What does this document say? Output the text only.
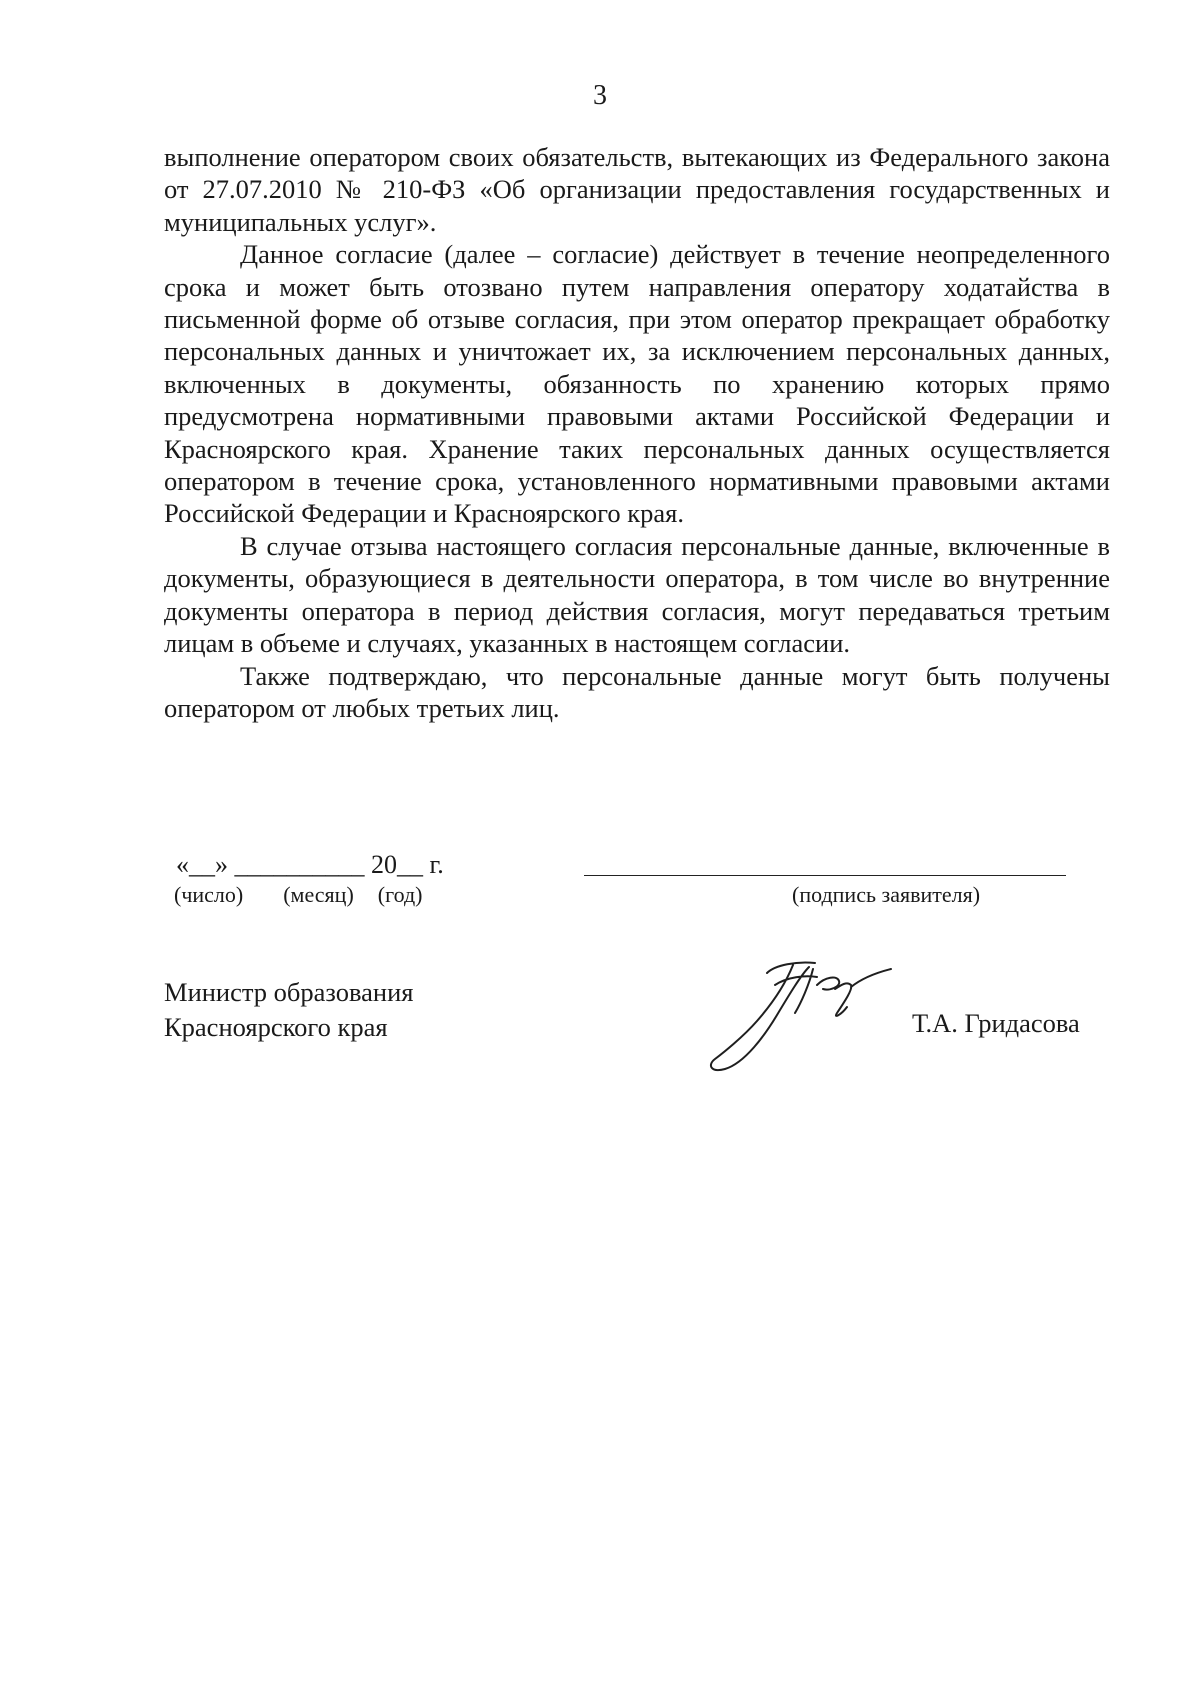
3

выполнение оператором своих обязательств, вытекающих из Федерального закона от 27.07.2010 № 210-ФЗ «Об организации предоставления государственных и муниципальных услуг».

Данное согласие (далее – согласие) действует в течение неопределенного срока и может быть отозвано путем направления оператору ходатайства в письменной форме об отзыве согласия, при этом оператор прекращает обработку персональных данных и уничтожает их, за исключением персональных данных, включенных в документы, обязанность по хранению которых прямо предусмотрена нормативными правовыми актами Российской Федерации и Красноярского края. Хранение таких персональных данных осуществляется оператором в течение срока, установленного нормативными правовыми актами Российской Федерации и Красноярского края.

В случае отзыва настоящего согласия персональные данные, включенные в документы, образующиеся в деятельности оператора, в том числе во внутренние документы оператора в период действия согласия, могут передаваться третьим лицам в объеме и случаях, указанных в настоящем согласии.

Также подтверждаю, что персональные данные могут быть получены оператором от любых третьих лиц.

«__» __________ 20__ г.
(число) (месяц) (год)	(подпись заявителя)
Министр образования
Красноярского края	Т.А. Гридасова
